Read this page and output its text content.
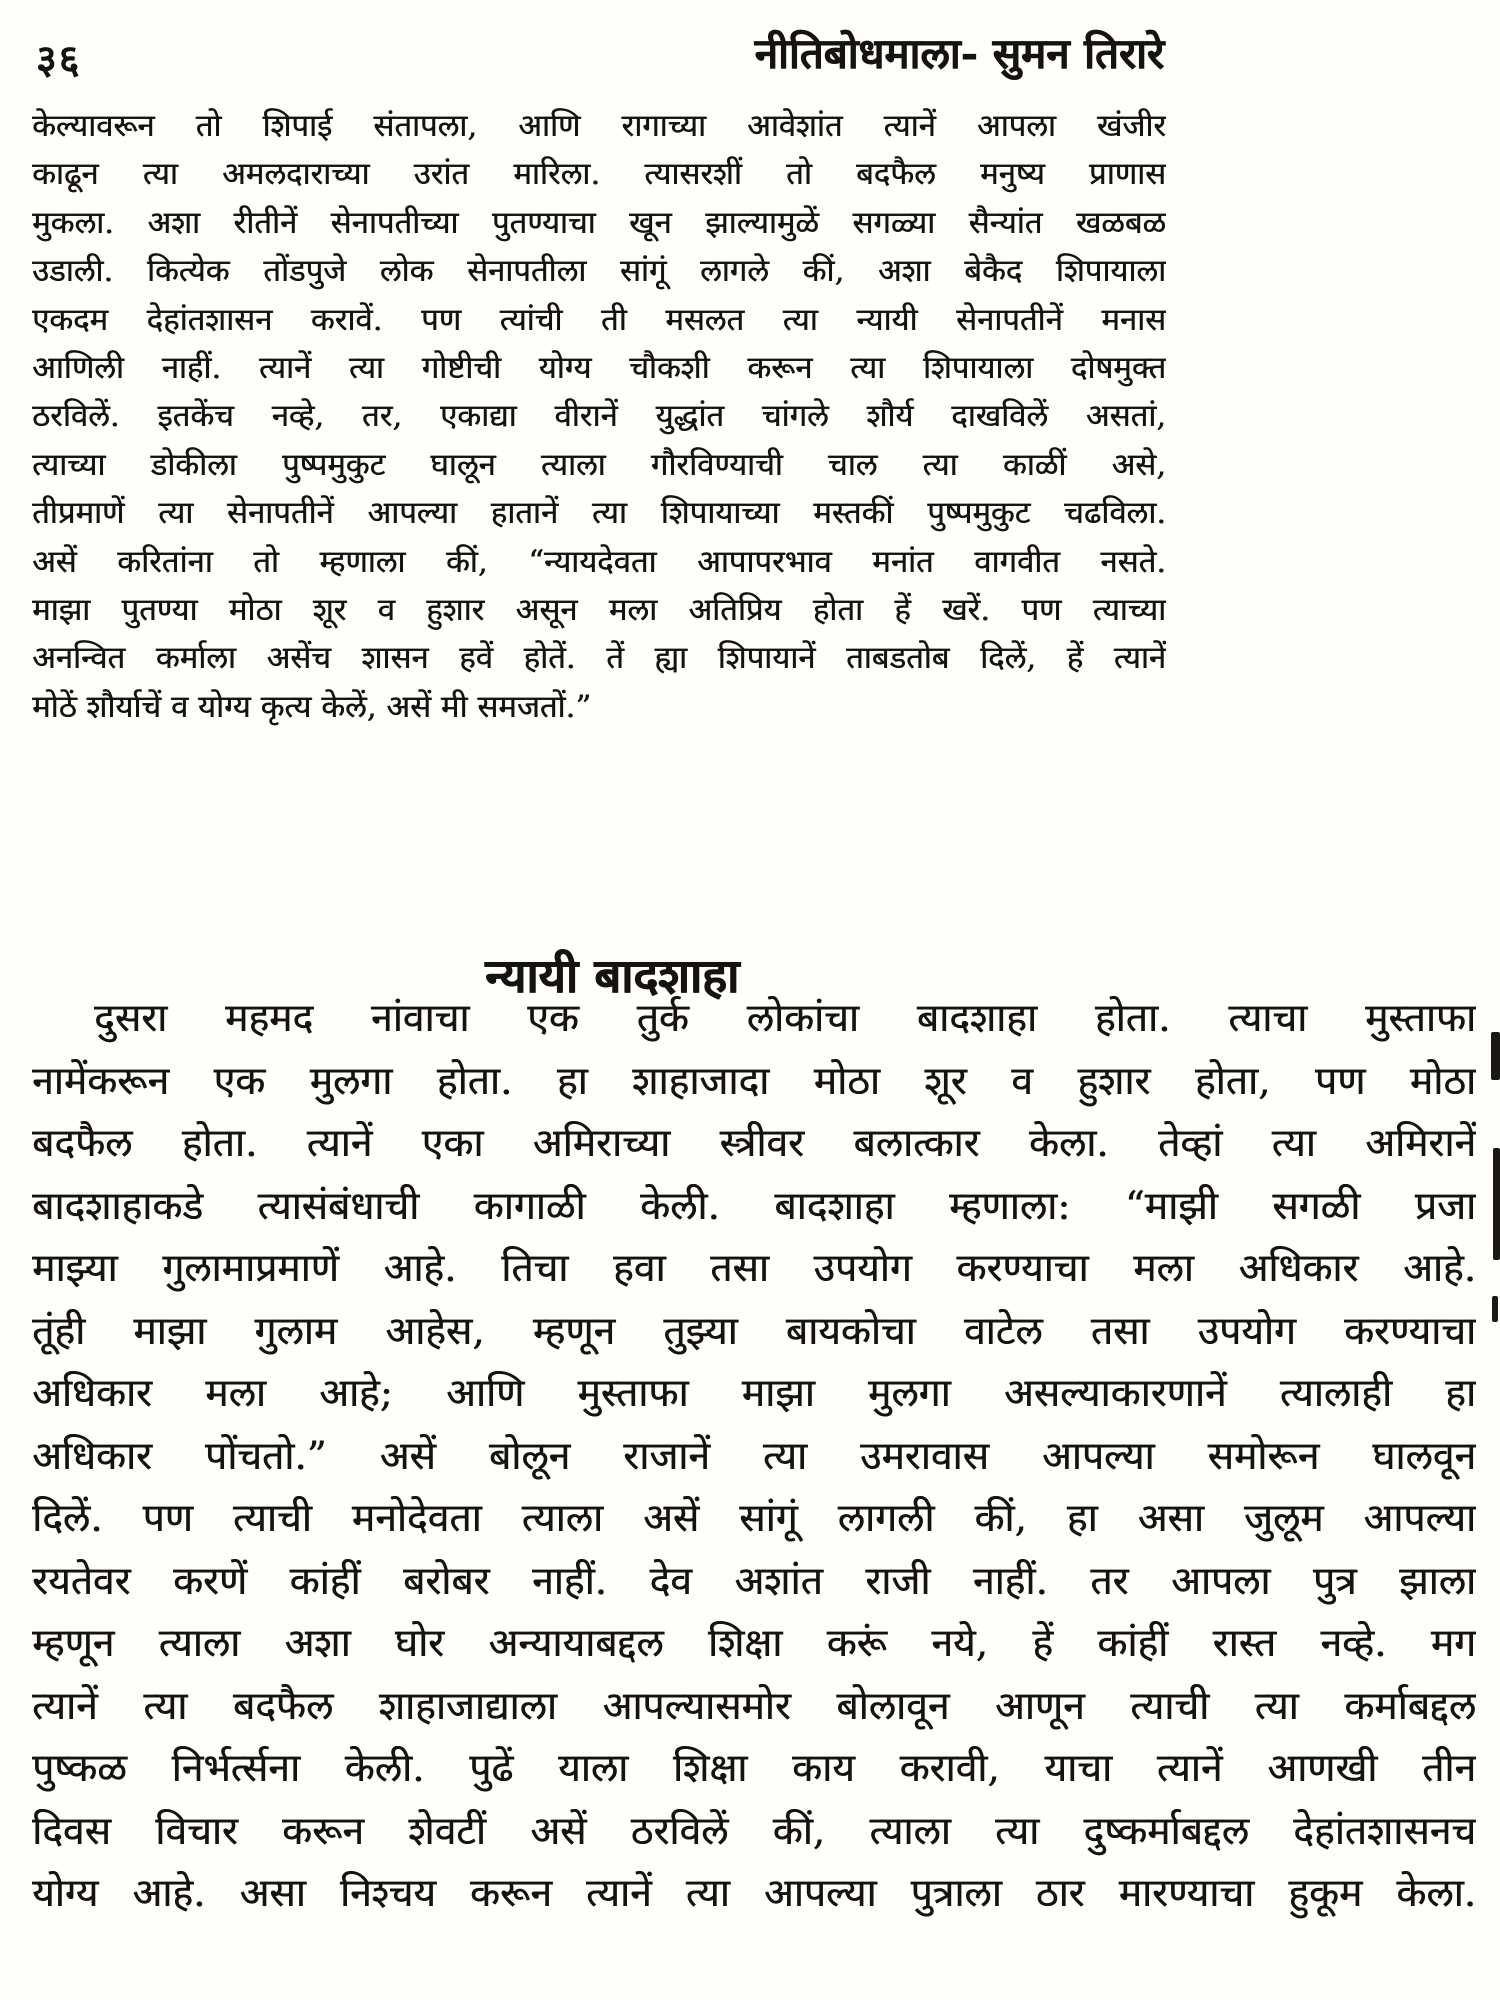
३६	नीतिबोधमाला- सुमन तिरारे
केल्यावरून तो शिपाई संतापला, आणि रागाच्या आवेशांत त्यानें आपला खंजीर
काढून त्या अमलदाराच्या उरांत मारिला. त्यासरशीं तो बदफैल मनुष्य प्राणास
मुकला. अशा रीतीनें सेनापतीच्या पुतण्याचा खून झाल्यामुळें सगळ्या सैन्यांत खळबळ
उडाली. कित्येक तोंडपुजे लोक सेनापतीला सांगूं लागले कीं, अशा बेकैद शिपायाला
एकदम देहांतशासन करावें. पण त्यांची ती मसलत त्या न्यायी सेनापतीनें मनास
आणिली नाहीं. त्यानें त्या गोष्टीची योग्य चौकशी करून त्या शिपायाला दोषमुक्त
ठरविलें. इतकेंच नव्हे, तर, एकाद्या वीरानें युद्धांत चांगले शौर्य दाखविलें असतां,
त्याच्या डोकीला पुष्पमुकुट घालून त्याला गौरविण्याची चाल त्या काळीं असे,
तीप्रमाणें त्या सेनापतीनें आपल्या हातानें त्या शिपायाच्या मस्तकीं पुष्पमुकुट चढविला.
असें करितांना तो म्हणाला कीं, “न्यायदेवता आपापरभाव मनांत वागवीत नसते.
माझा पुतण्या मोठा शूर व हुशार असून मला अतिप्रिय होता हें खरें. पण त्याच्या
अनन्वित कर्माला असेंच शासन हवें होतें. तें ह्या शिपायानें ताबडतोब दिलें, हें त्यानें
मोठें शौर्याचें व योग्य कृत्य केलें, असें मी समजतों.”
न्यायी बादशाहा
दुसरा महमद नांवाचा एक तुर्क लोकांचा बादशाहा होता. त्याचा मुस्ताफा
नामेंकरून एक मुलगा होता. हा शाहाजादा मोठा शूर व हुशार होता, पण मोठा
बदफैल होता. त्यानें एका अमिराच्या स्त्रीवर बलात्कार केला. तेव्हां त्या अमिरानें
बादशाहाकडे त्यासंबंधाची कागाळी केली. बादशाहा म्हणाला: “माझी सगळी प्रजा
माझ्या गुलामाप्रमाणें आहे. तिचा हवा तसा उपयोग करण्याचा मला अधिकार आहे.
तूंही माझा गुलाम आहेस, म्हणून तुझ्या बायकोचा वाटेल तसा उपयोग करण्याचा
अधिकार मला आहे; आणि मुस्ताफा माझा मुलगा असल्याकारणानें त्यालाही हा
अधिकार पोंचतो.” असें बोलून राजानें त्या उमरावास आपल्या समोरून घालवून
दिलें. पण त्याची मनोदेवता त्याला असें सांगूं लागली कीं, हा असा जुलूम आपल्या
रयतेवर करणें कांहीं बरोबर नाहीं. देव अशांत राजी नाहीं. तर आपला पुत्र झाला
म्हणून त्याला अशा घोर अन्यायाबद्दल शिक्षा करूं नये, हें कांहीं रास्त नव्हे. मग
त्यानें त्या बदफैल शाहाजाद्याला आपल्यासमोर बोलावून आणून त्याची त्या कर्माबद्दल
पुष्कळ निर्भर्त्सना केली. पुढें याला शिक्षा काय करावी, याचा त्यानें आणखी तीन
दिवस विचार करून शेवटीं असें ठरविलें कीं, त्याला त्या दुष्कर्माबद्दल देहांतशासनच
योग्य आहे. असा निश्चय करून त्यानें त्या आपल्या पुत्राला ठार मारण्याचा हुकूम केला.
